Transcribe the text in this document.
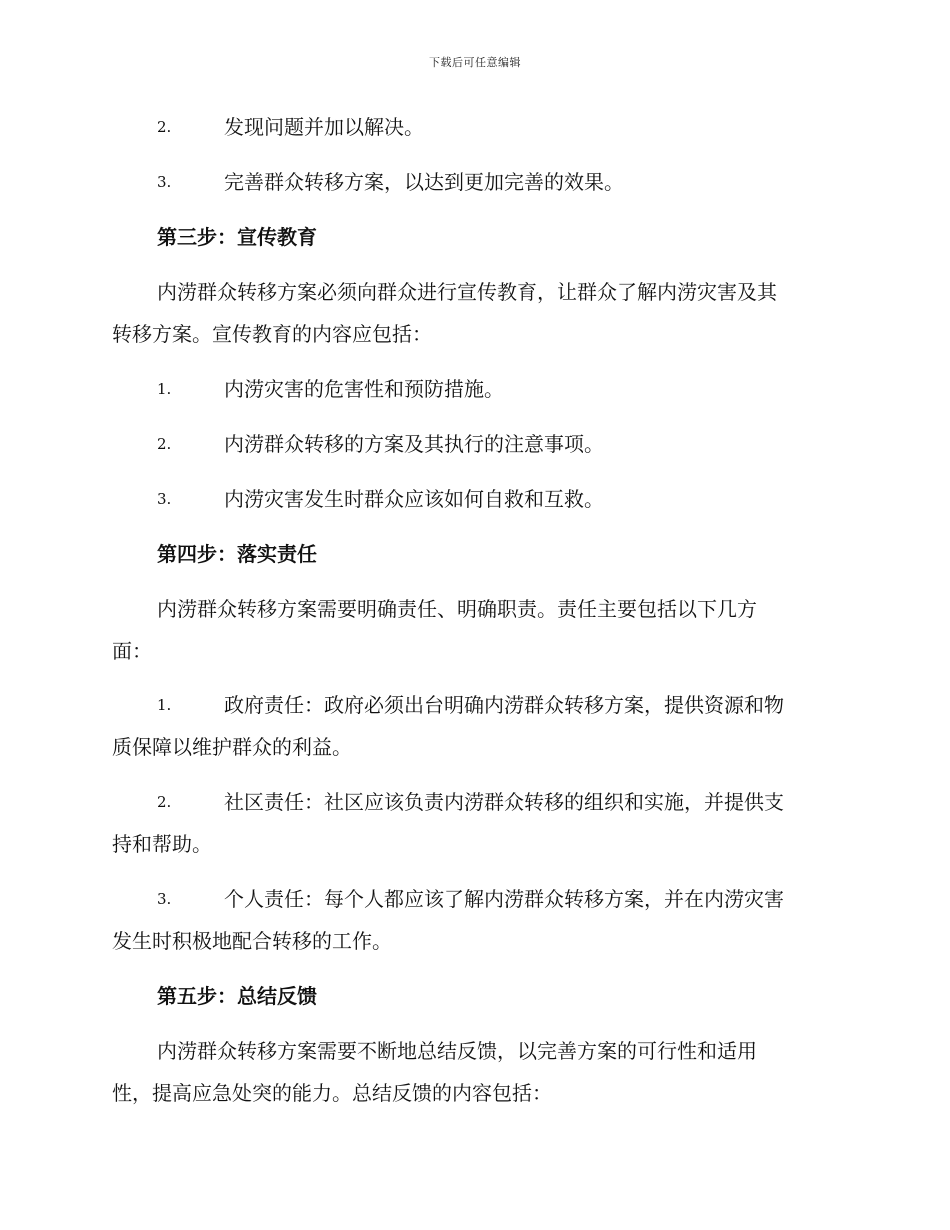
下载后可任意编辑
2.	发现问题并加以解决。
3.	完善群众转移方案，以达到更加完善的效果。
第三步：宣传教育
内涝群众转移方案必须向群众进行宣传教育，让群众了解内涝灾害及其
转移方案。宣传教育的内容应包括：
1.	内涝灾害的危害性和预防措施。
2.	内涝群众转移的方案及其执行的注意事项。
3.	内涝灾害发生时群众应该如何自救和互救。
第四步：落实责任
内涝群众转移方案需要明确责任、明确职责。责任主要包括以下几方
面：
1.	政府责任：政府必须出台明确内涝群众转移方案，提供资源和物
质保障以维护群众的利益。
2.	社区责任：社区应该负责内涝群众转移的组织和实施，并提供支
持和帮助。
3.	个人责任：每个人都应该了解内涝群众转移方案，并在内涝灾害
发生时积极地配合转移的工作。
第五步：总结反馈
内涝群众转移方案需要不断地总结反馈，以完善方案的可行性和适用
性，提高应急处突的能力。总结反馈的内容包括：
